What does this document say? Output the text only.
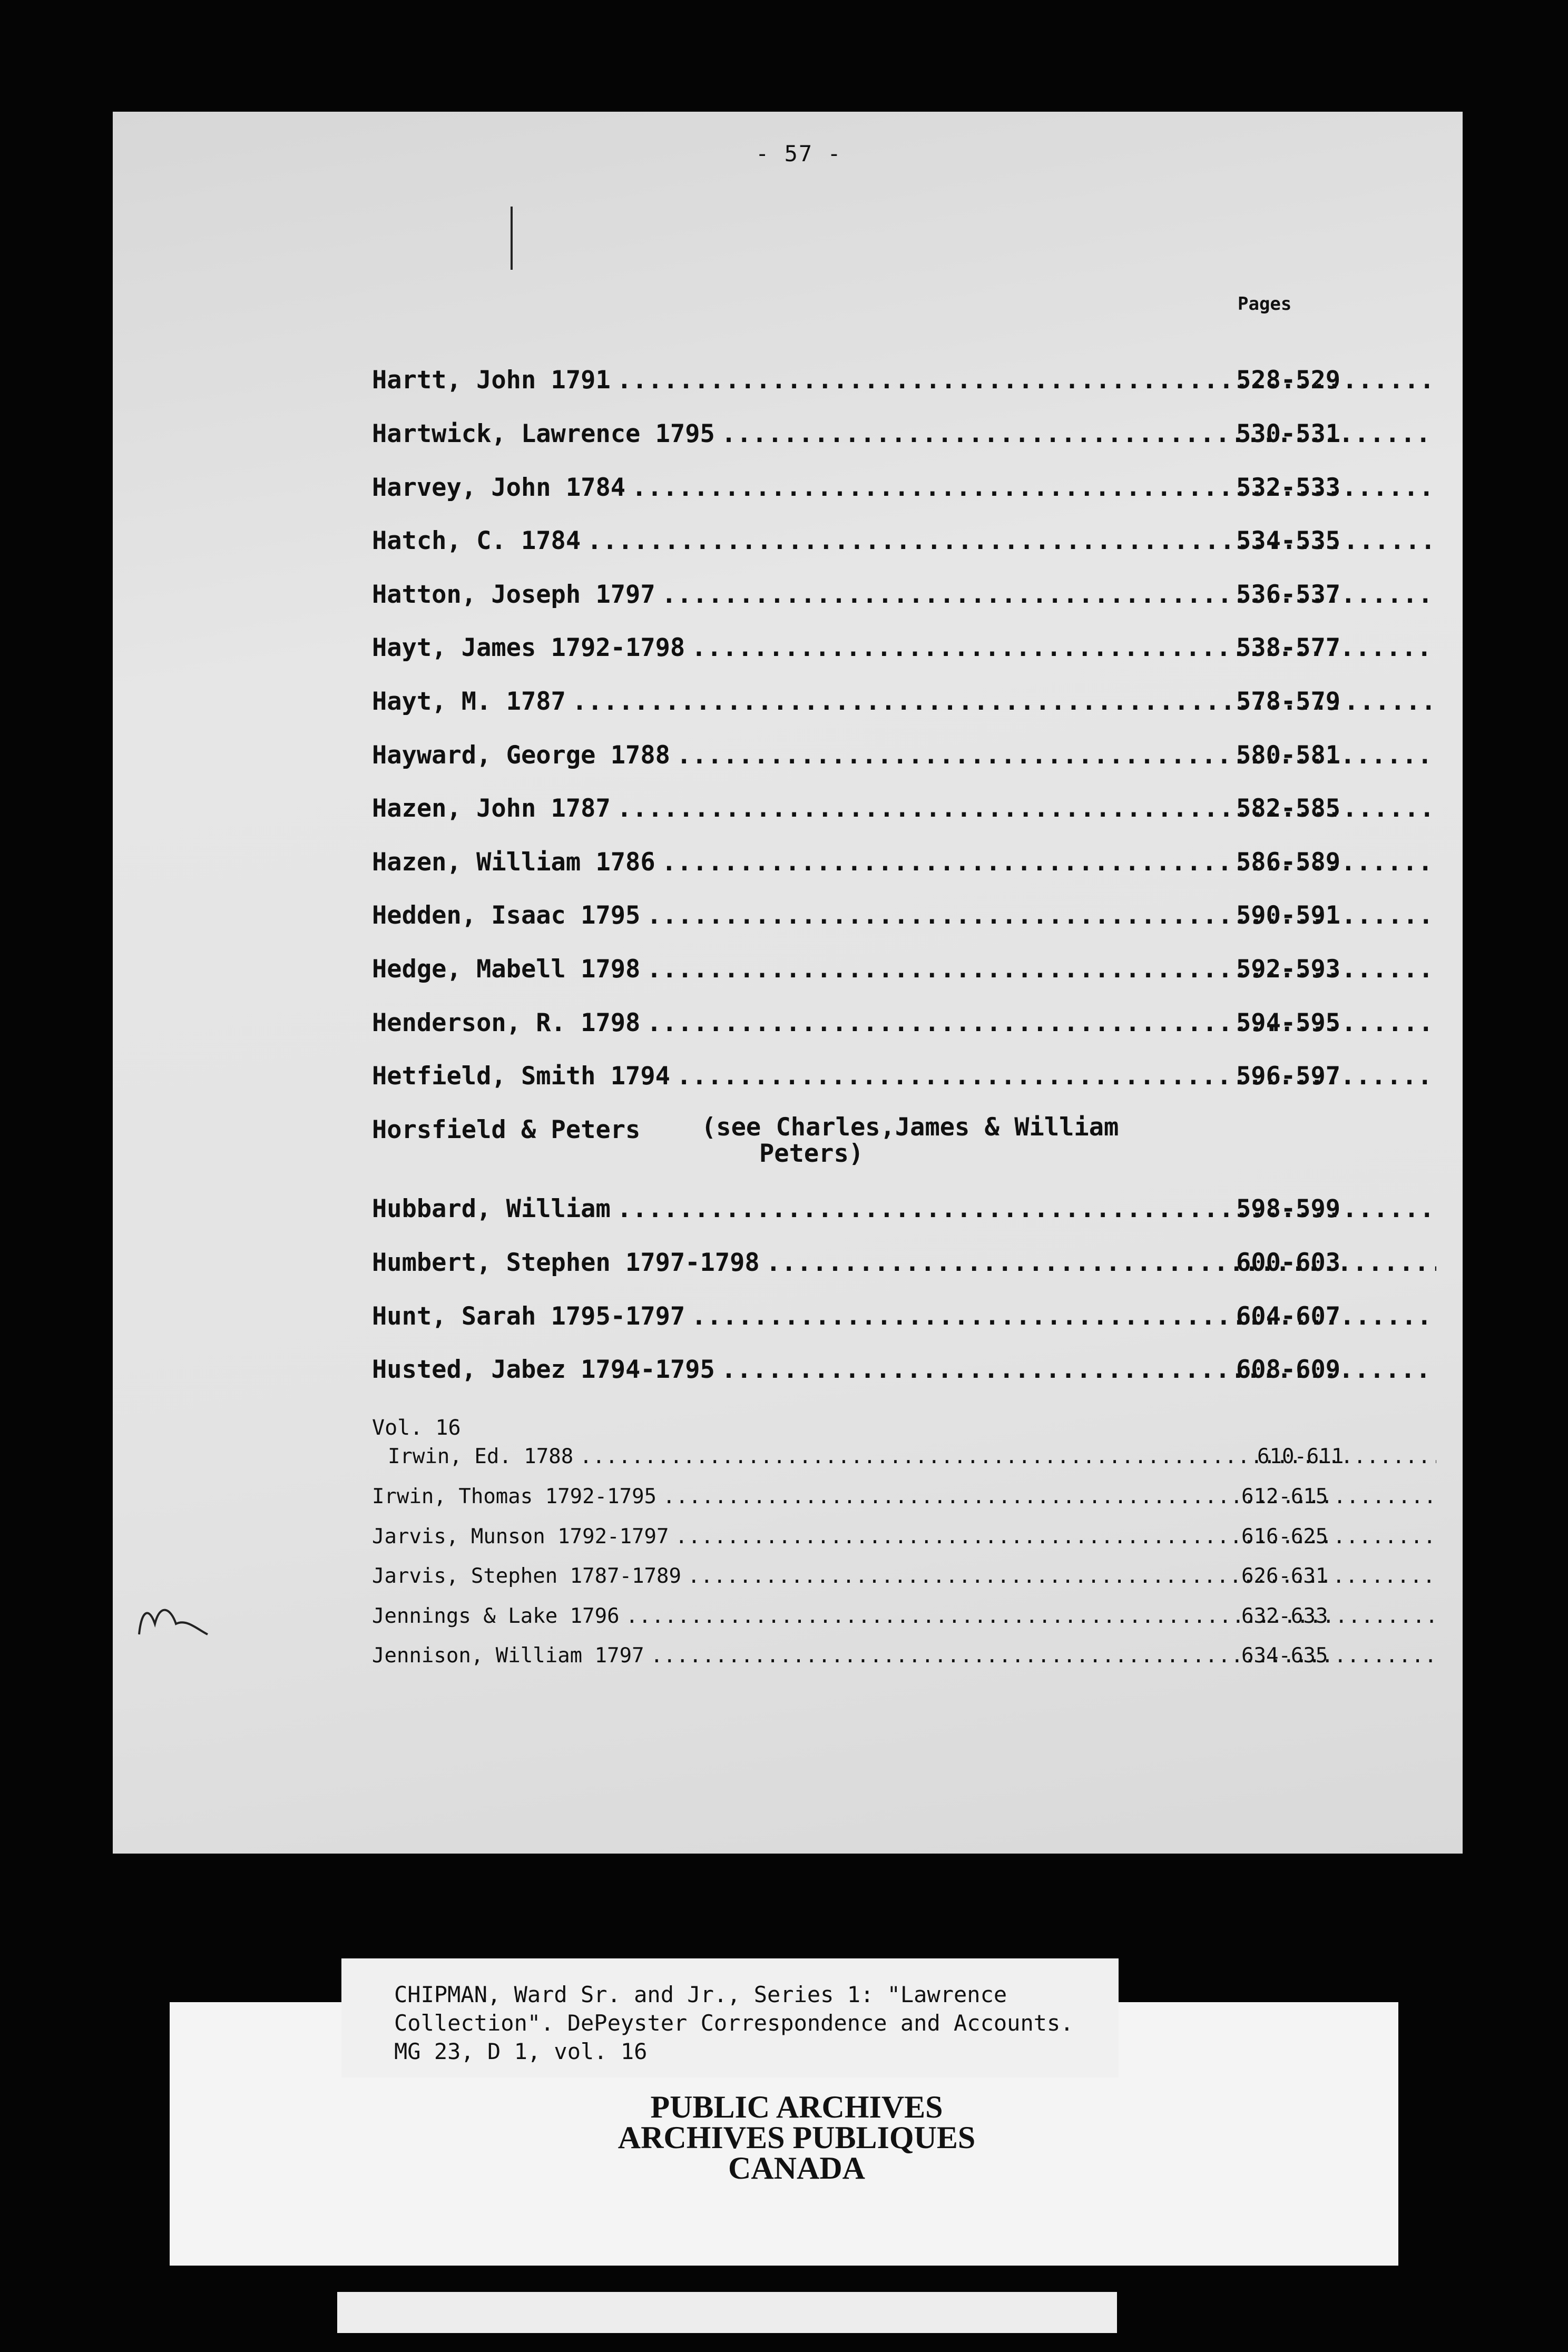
- 57 -
Pages
Hartt, John 1791 .....	528-529
Hartwick, Lawrence 1795 .....	530-531
Harvey, John 1784 .....	532-533
Hatch, C. 1784 .....	534-535
Hatton, Joseph 1797 .....	536-537
Hayt, James 1792-1798 .....	538-577
Hayt, M. 1787 .....	578-579
Hayward, George 1788 .....	580-581
Hazen, John 1787 .....	582-585
Hazen, William 1786 .....	586-589
Hedden, Isaac 1795 .....	590-591
Hedge, Mabell 1798 .....	592-593
Henderson, R. 1798 .....	594-595
Hetfield, Smith 1794 .....	596-597
Horsfield & Peters (see Charles,James & William
Peters)
Hubbard, William .....	598-599
Humbert, Stephen 1797-1798 .....	600-603
Hunt, Sarah 1795-1797 .....	604-607
Husted, Jabez 1794-1795 .....	608-609
Vol. 16
Irwin, Ed. 1788 .....	610-611
Irwin, Thomas 1792-1795 .....	612-615
Jarvis, Munson 1792-1797 .....	616-625
Jarvis, Stephen 1787-1789 .....	626-631
Jennings & Lake 1796 .....	632-633
Jennison, William 1797 .....	634-635
PUBLIC ARCHIVES
ARCHIVES PUBLIQUES
CANADA
CHIPMAN, Ward Sr. and Jr., Series 1: "Lawrence
Collection". DePeyster Correspondence and Accounts.
MG 23, D 1, vol. 16
